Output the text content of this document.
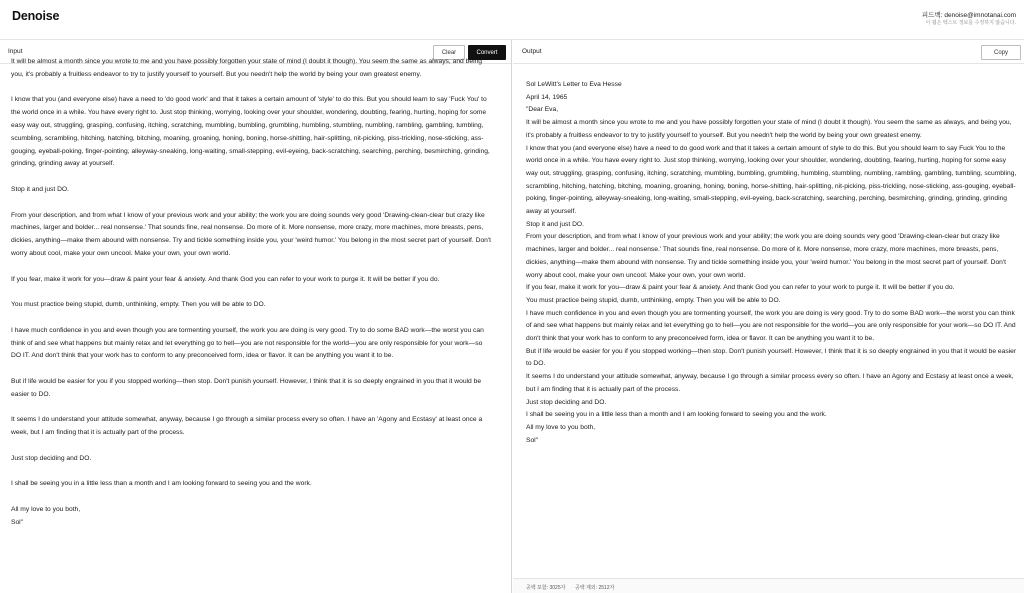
Denoise	피드백: denoise@imnotanai.com
이 웹은 텍스트 정보를 수정하지 않습니다.
Input	Clear	Convert
It will be almost a month since you wrote to me and you have possibly forgotten your state of mind (I doubt it though). You seem the same as always, and being you, it's probably a fruitless endeavor to try to justify yourself to yourself. But you needn't help the world by being your own greatest enemy.
I know that you (and everyone else) have a need to 'do good work' and that it takes a certain amount of 'style' to do this. But you should learn to say 'Fuck You' to the world once in a while. You have every right to. Just stop thinking, worrying, looking over your shoulder, wondering, doubting, fearing, hurting, hoping for some easy way out, struggling, grasping, confusing, itching, scratching, mumbling, bumbling, grumbling, humbling, stumbling, numbling, rambling, gambling, tumbling, scumbling, scrambling, hitching, hatching, bitching, moaning, groaning, honing, boning, horse-shitting, hair-splitting, nit-picking, piss-trickling, nose-sticking, ass-gouging, eyeball-poking, finger-pointing, alleyway-sneaking, long-waiting, small-stepping, evil-eyeing, back-scratching, searching, perching, besmirching, grinding, grinding, grinding away at yourself.
Stop it and just DO.
From your description, and from what I know of your previous work and your ability; the work you are doing sounds very good 'Drawing-clean-clear but crazy like machines, larger and bolder... real nonsense.' That sounds fine, real nonsense. Do more of it. More nonsense, more crazy, more machines, more breasts, pens, dickies, anything—make them abound with nonsense. Try and tickle something inside you, your 'weird humor.' You belong in the most secret part of yourself. Don't worry about cool, make your own uncool. Make your own, your own world.
If you fear, make it work for you—draw & paint your fear & anxiety. And thank God you can refer to your work to purge it. It will be better if you do.
You must practice being stupid, dumb, unthinking, empty. Then you will be able to DO.
I have much confidence in you and even though you are tormenting yourself, the work you are doing is very good. Try to do some BAD work—the worst you can think of and see what happens but mainly relax and let everything go to hell—you are not responsible for the world—you are only responsible for your work—so DO IT. And don't think that your work has to conform to any preconceived form, idea or flavor. It can be anything you want it to be.
But if life would be easier for you if you stopped working—then stop. Don't punish yourself. However, I think that it is so deeply engrained in you that it would be easier to DO.
It seems I do understand your attitude somewhat, anyway, because I go through a similar process every so often. I have an 'Agony and Ecstasy' at least once a week, but I am finding that it is actually part of the process.
Just stop deciding and DO.
I shall be seeing you in a little less than a month and I am looking forward to seeing you and the work.
All my love to you both,
Sol"
Output	Copy
Sol LeWitt's Letter to Eva Hesse
April 14, 1965
"Dear Eva,
It will be almost a month since you wrote to me and you have possibly forgotten your state of mind (I doubt it though). You seem the same as always, and being you, it's probably a fruitless endeavor to try to justify yourself to yourself. But you needn't help the world by being your own greatest enemy.
I know that you (and everyone else) have a need to do good work and that it takes a certain amount of style to do this. But you should learn to say Fuck You to the world once in a while. You have every right to. Just stop thinking, worrying, looking over your shoulder, wondering, doubting, fearing, hurting, hoping for some easy way out, struggling, grasping, confusing, itching, scratching, mumbling, bumbling, grumbling, humbling, stumbling, numbling, rambling, gambling, tumbling, scumbling, scrambling, hitching, hatching, bitching, moaning, groaning, honing, boning, horse-shitting, hair-splitting, nit-picking, piss-trickling, nose-sticking, ass-gouging, eyeball-poking, finger-pointing, alleyway-sneaking, long-waiting, small-stepping, evil-eyeing, back-scratching, searching, perching, besmirching, grinding, grinding, grinding away at yourself.
Stop it and just DO.
From your description, and from what I know of your previous work and your ability; the work you are doing sounds very good 'Drawing-clean-clear but crazy like machines, larger and bolder... real nonsense.' That sounds fine, real nonsense. Do more of it. More nonsense, more crazy, more machines, more breasts, pens, dickies, anything—make them abound with nonsense. Try and tickle something inside you, your 'weird humor.' You belong in the most secret part of yourself. Don't worry about cool, make your own uncool. Make your own, your own world.
If you fear, make it work for you—draw & paint your fear & anxiety. And thank God you can refer to your work to purge it. It will be better if you do.
You must practice being stupid, dumb, unthinking, empty. Then you will be able to DO.
I have much confidence in you and even though you are tormenting yourself, the work you are doing is very good. Try to do some BAD work—the worst you can think of and see what happens but mainly relax and let everything go to hell—you are not responsible for the world—you are only responsible for your work—so DO IT. And don't think that your work has to conform to any preconceived form, idea or flavor. It can be anything you want it to be.
But if life would be easier for you if you stopped working—then stop. Don't punish yourself. However, I think that it is so deeply engrained in you that it would be easier to DO.
It seems I do understand your attitude somewhat, anyway, because I go through a similar process every so often. I have an Agony and Ecstasy at least once a week, but I am finding that it is actually part of the process.
Just stop deciding and DO.
I shall be seeing you in a little less than a month and I am looking forward to seeing you and the work.
All my love to you both,
Sol"
공백 포함: 3025자 공백 제외: 2512자
